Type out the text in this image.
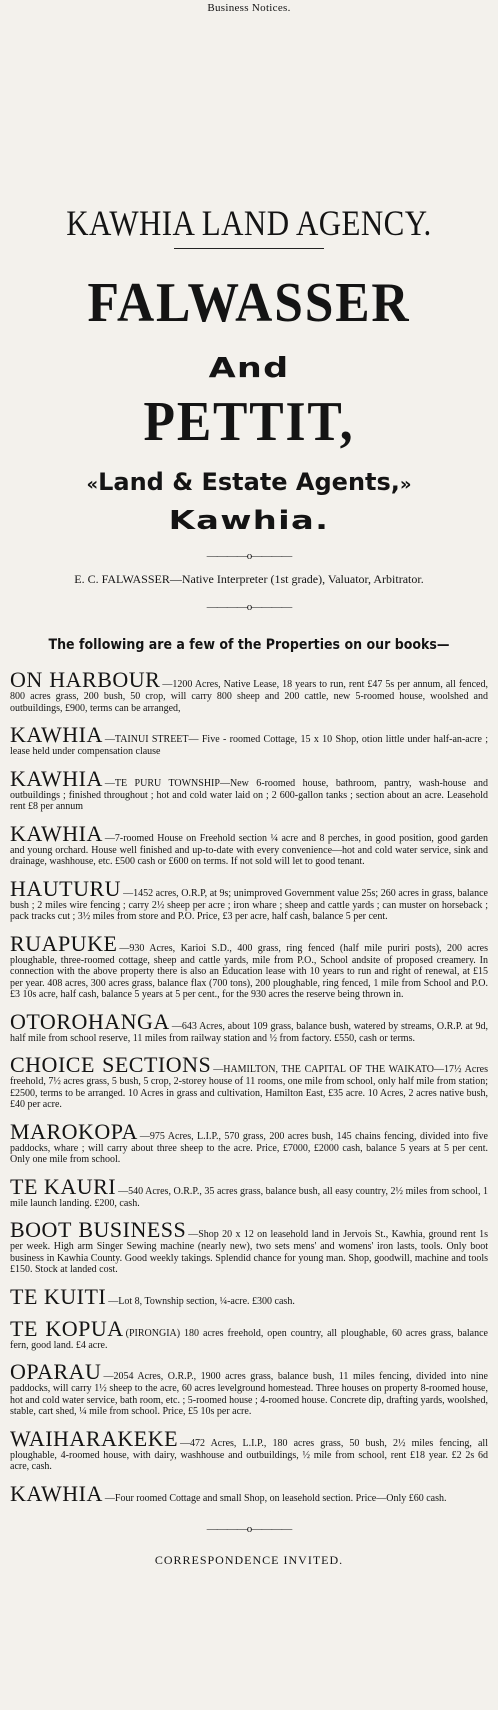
Business Notices.
KAWHIA LAND AGENCY.
FALWASSER
And
PETTIT,
«Land & Estate Agents,»
Kawhia.
————o————
E. C. FALWASSER—Native Interpreter (1st grade), Valuator, Arbitrator.
————o————
The following are a few of the Properties on our books—

ON HARBOUR —1200 Acres, Native Lease, 18 years to run, rent £47 5s per annum, all fenced, 800 acres grass, 200 bush, 50 crop, will carry 800 sheep and 200 cattle, new 5-roomed house, woolshed and outbuildings, £900, terms can be arranged,

KAWHIA —TAINUI STREET— Five - roomed Cottage, 15 x 10 Shop, otion little under half-an-acre ; lease held under compensation clause

KAWHIA —TE PURU TOWNSHIP—New 6-roomed house, bathroom, pantry, wash-house and outbuildings ; finished throughout ; hot and cold water laid on ; 2 600-gallon tanks ; section about an acre. Leasehold rent £8 per annum

KAWHIA —7-roomed House on Freehold section ¼ acre and 8 perches, in good position, good garden and young orchard. House well finished and up-to-date with every convenience—hot and cold water service, sink and drainage, washhouse, etc. £500 cash or £600 on terms. If not sold will let to good tenant.

HAUTURU —1452 acres, O.R.P, at 9s; unimproved Government value 25s; 260 acres in grass, balance bush ; 2 miles wire fencing ; carry 2½ sheep per acre ; iron whare ; sheep and cattle yards ; can muster on horseback ; pack tracks cut ; 3½ miles from store and P.O. Price, £3 per acre, half cash, balance 5 per cent.

RUAPUKE —930 Acres, Karioi S.D., 400 grass, ring fenced (half mile puriri posts), 200 acres ploughable, three-roomed cottage, sheep and cattle yards, mile from P.O., School andsite of proposed creamery. In connection with the above property there is also an Education lease with 10 years to run and right of renewal, at £15 per year. 408 acres, 300 acres grass, balance flax (700 tons), 200 ploughable, ring fenced, 1 mile from School and P.O. £3 10s acre, half cash, balance 5 years at 5 per cent., for the 930 acres the reserve being thrown in.

OTOROHANGA —643 Acres, about 109 grass, balance bush, watered by streams, O.R.P. at 9d, half mile from school reserve, 11 miles from railway station and ½ from factory. £550, cash or terms.

CHOICE SECTIONS —HAMILTON, THE CAPITAL OF THE WAIKATO—17½ Acres freehold, 7½ acres grass, 5 bush, 5 crop, 2-storey house of 11 rooms, one mile from school, only half mile from station; £2500, terms to be arranged. 10 Acres in grass and cultivation, Hamilton East, £35 acre. 10 Acres, 2 acres native bush, £40 per acre.

MAROKOPA —975 Acres, L.I.P., 570 grass, 200 acres bush, 145 chains fencing, divided into five paddocks, whare ; will carry about three sheep to the acre. Price, £7000, £2000 cash, balance 5 years at 5 per cent. Only one mile from school.

TE KAURI —540 Acres, O.R.P., 35 acres grass, balance bush, all easy country, 2½ miles from school, 1 mile launch landing. £200, cash.

BOOT BUSINESS —Shop 20 x 12 on leasehold land in Jervois St., Kawhia, ground rent 1s per week. High arm Singer Sewing machine (nearly new), two sets mens' and womens' iron lasts, tools. Only boot business in Kawhia County. Good weekly takings. Splendid chance for young man. Shop, goodwill, machine and tools £150. Stock at landed cost.

TE KUITI —Lot 8, Township section, ¼-acre. £300 cash.

TE KOPUA (PIRONGIA) 180 acres freehold, open country, all ploughable, 60 acres grass, balance fern, good land. £4 acre.

OPARAU —2054 Acres, O.R.P., 1900 acres grass, balance bush, 11 miles fencing, divided into nine paddocks, will carry 1½ sheep to the acre, 60 acres levelground homestead. Three houses on property 8-roomed house, hot and cold water service, bath room, etc. ; 5-roomed house ; 4-roomed house. Concrete dip, drafting yards, woolshed, stable, cart shed, ¼ mile from school. Price, £5 10s per acre.

WAIHARAKEKE —472 Acres, L.I.P., 180 acres grass, 50 bush, 2½ miles fencing, all ploughable, 4-roomed house, with dairy, washhouse and outbuildings, ½ mile from school, rent £18 year. £2 2s 6d acre, cash.

KAWHIA —Four roomed Cottage and small Shop, on leasehold section. Price—Only £60 cash.

————o————
CORRESPONDENCE INVITED.
